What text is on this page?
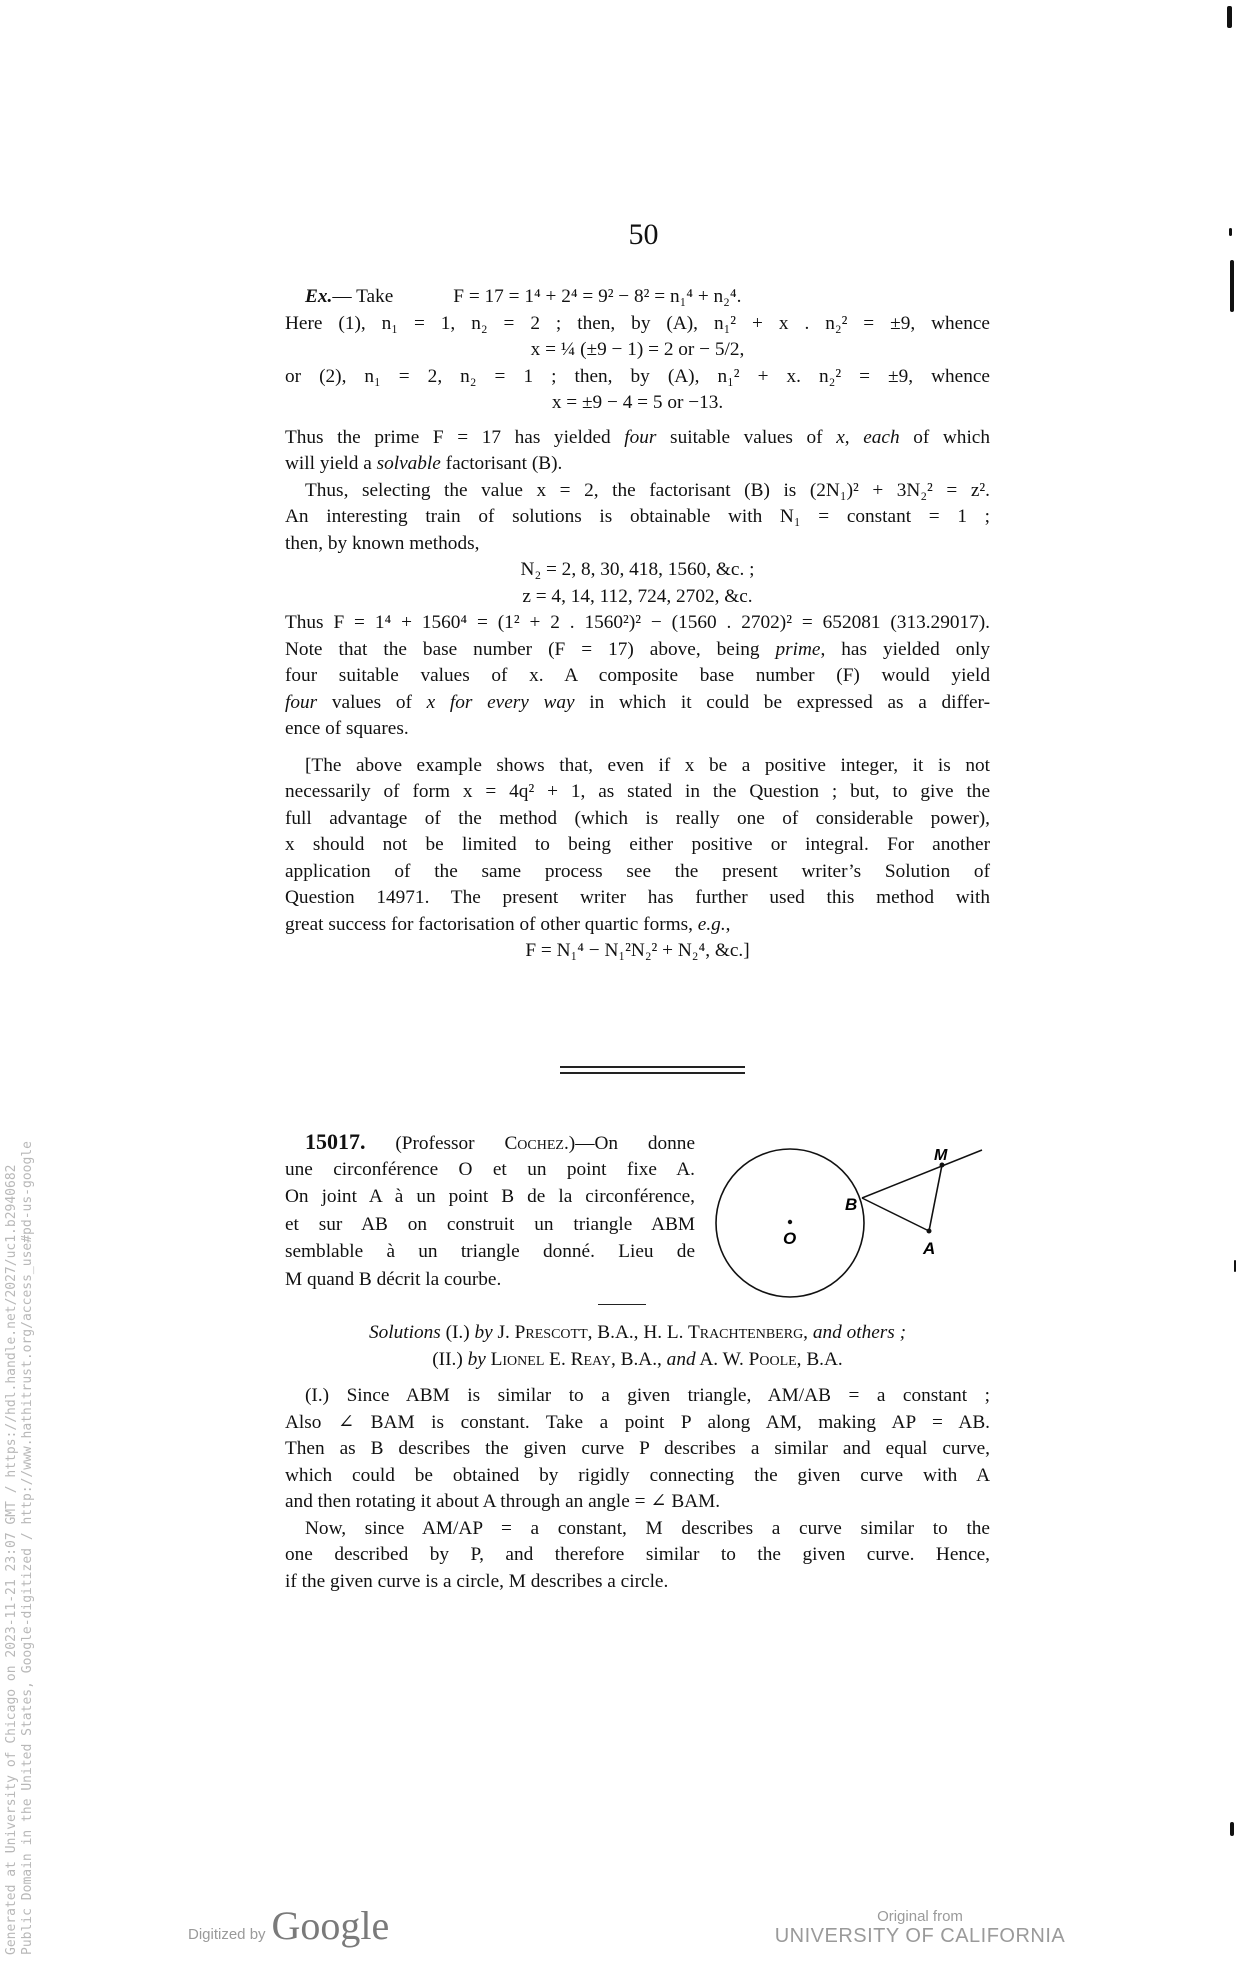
50
Ex.— Take	F = 17 = 1⁴ + 2⁴ = 9² − 8² = n₁⁴ + n₂⁴.
Here (1), n₁ = 1, n₂ = 2 ; then, by (A), n₁² + x . n₂² = ±9, whence
x = ¼ (±9 − 1) = 2 or − 5/2,
or (2), n₁ = 2, n₂ = 1 ; then, by (A), n₁² + x. n₂² = ±9, whence
x = ±9 − 4 = 5 or −13.
Thus the prime F = 17 has yielded four suitable values of x, each of which
will yield a solvable factorisant (B).
Thus, selecting the value x = 2, the factorisant (B) is (2N₁)² + 3N₂² = z².
An interesting train of solutions is obtainable with N₁ = constant = 1 ;
then, by known methods,
N₂ = 2, 8, 30, 418, 1560, &c. ;
z = 4, 14, 112, 724, 2702, &c.
Thus F = 1⁴ + 1560⁴ = (1² + 2 . 1560²)² − (1560 . 2702)² = 652081 (313.29017).
Note that the base number (F = 17) above, being prime, has yielded only
four suitable values of x. A composite base number (F) would yield
four values of x for every way in which it could be expressed as a differ-
ence of squares.
[The above example shows that, even if x be a positive integer, it is not
necessarily of form x = 4q² + 1, as stated in the Question ; but, to give the
full advantage of the method (which is really one of considerable power),
x should not be limited to being either positive or integral. For another
application of the same process see the present writer’s Solution of
Question 14971. The present writer has further used this method with
great success for factorisation of other quartic forms, e.g.,
F = N₁⁴ − N₁²N₂² + N₂⁴, &c.]
15017. (Professor Cochez.)—On donne
une circonférence O et un point fixe A.
On joint A à un point B de la circonférence,
et sur AB on construit un triangle ABM
semblable à un triangle donné. Lieu de
M quand B décrit la courbe.
M
B
O
A
Solutions (I.) by J. Prescott, B.A., H. L. Trachtenberg, and others ;
(II.) by Lionel E. Reay, B.A., and A. W. Poole, B.A.
(I.) Since ABM is similar to a given triangle, AM/AB = a constant ;
Also ∠ BAM is constant. Take a point P along AM, making AP = AB.
Then as B describes the given curve P describes a similar and equal curve,
which could be obtained by rigidly connecting the given curve with A
and then rotating it about A through an angle = ∠ BAM.
Now, since AM/AP = a constant, M describes a curve similar to the
one described by P, and therefore similar to the given curve. Hence,
if the given curve is a circle, M describes a circle.
Generated at University of Chicago on 2023-11-21 23:07 GMT / https://hdl.handle.net/2027/uc1.b2940682 Public Domain in the United States, Google-digitized / http://www.hathitrust.org/access_use#pd-us-google	Digitized by Google	Original from
UNIVERSITY OF CALIFORNIA
